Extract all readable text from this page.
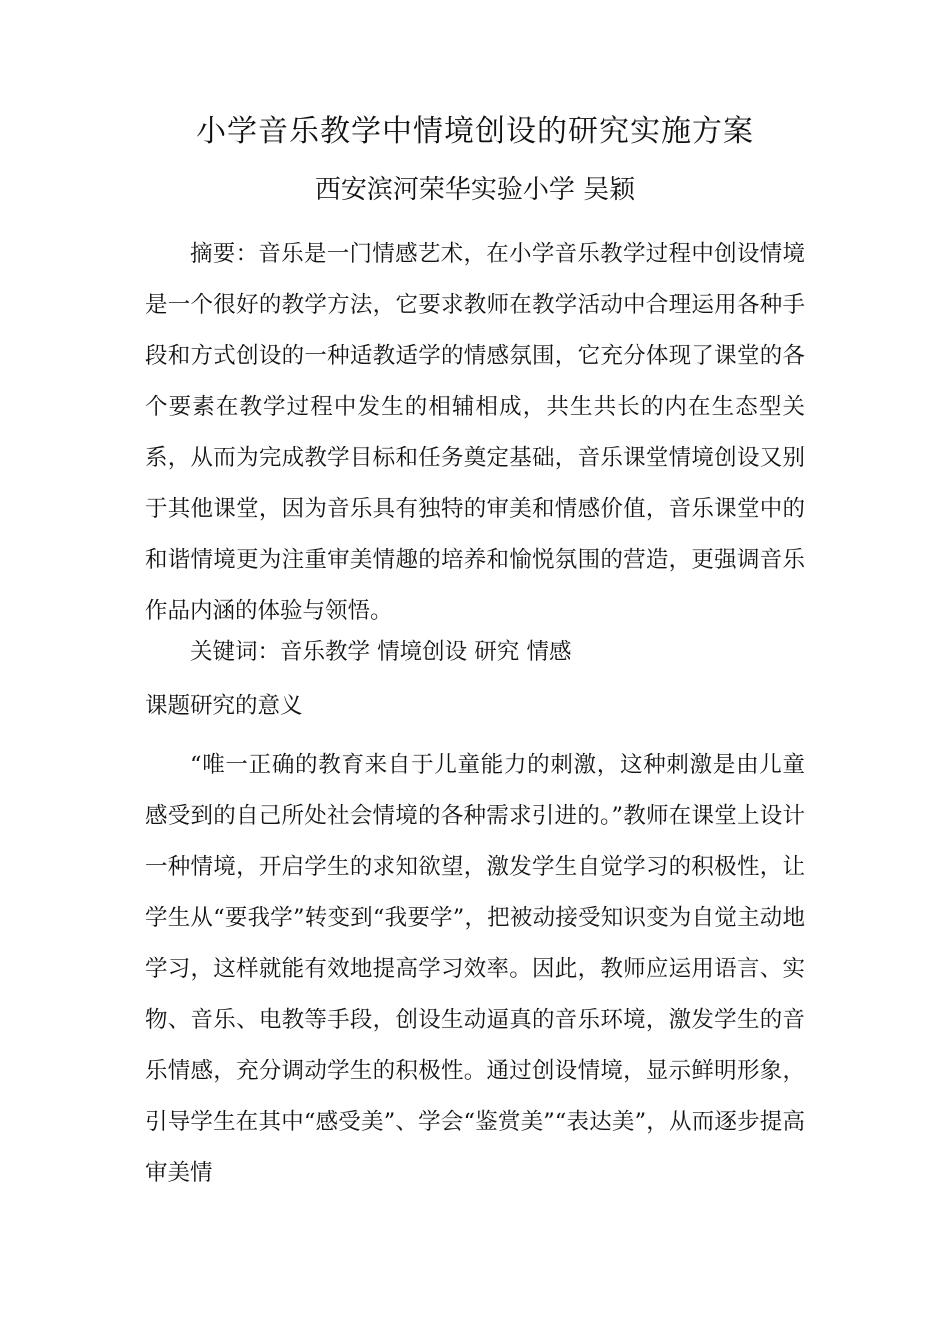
小学音乐教学中情境创设的研究实施方案
西安滨河荣华实验小学 吴颖
摘要：音乐是一门情感艺术，在小学音乐教学过程中创设情境是一个很好的教学方法，它要求教师在教学活动中合理运用各种手段和方式创设的一种适教适学的情感氛围，它充分体现了课堂的各个要素在教学过程中发生的相辅相成，共生共长的内在生态型关系，从而为完成教学目标和任务奠定基础，音乐课堂情境创设又别于其他课堂，因为音乐具有独特的审美和情感价值，音乐课堂中的和谐情境更为注重审美情趣的培养和愉悦氛围的营造，更强调音乐作品内涵的体验与领悟。
关键词：音乐教学 情境创设 研究 情感
课题研究的意义
“唯一正确的教育来自于儿童能力的刺激，这种刺激是由儿童感受到的自己所处社会情境的各种需求引进的。”教师在课堂上设计一种情境，开启学生的求知欲望，激发学生自觉学习的积极性，让学生从“要我学”转变到“我要学”，把被动接受知识变为自觉主动地学习，这样就能有效地提高学习效率。因此，教师应运用语言、实物、音乐、电教等手段，创设生动逼真的音乐环境，激发学生的音乐情感，充分调动学生的积极性。通过创设情境，显示鲜明形象，引导学生在其中“感受美”、学会“鉴赏美”“表达美”，从而逐步提高审美情
